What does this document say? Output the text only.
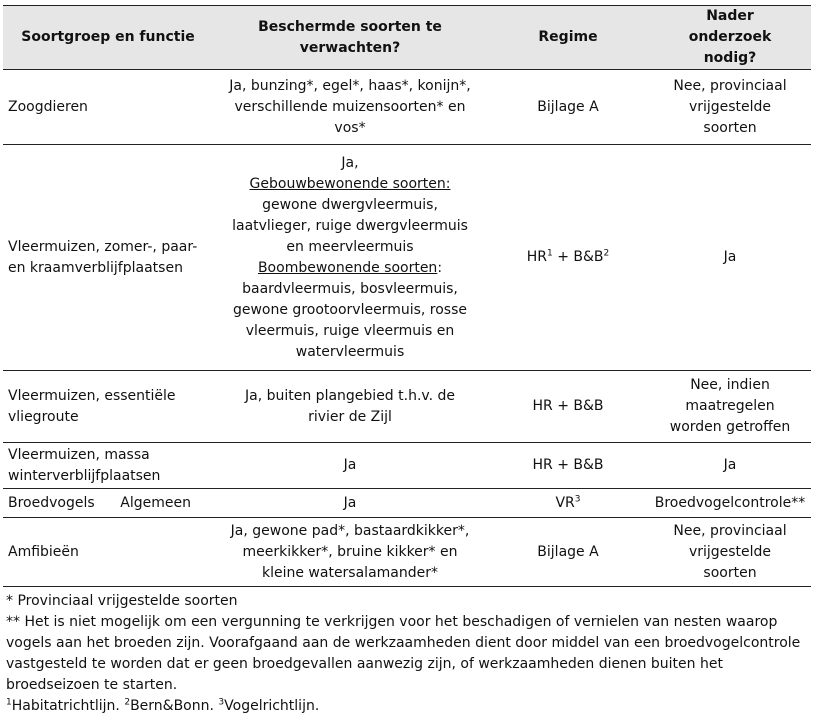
Soortgroep en functie	Beschermde soorten te verwachten?	Regime	Nader onderzoek nodig?
Zoogdieren	Ja, bunzing*, egel*, haas*, konijn*, verschillende muizensoorten* en vos*	Bijlage A	Nee, provinciaal vrijgestelde soorten
Vleermuizen, zomer-, paar- en kraamverblijfplaatsen	Ja,
Gebouwbewonende soorten:
gewone dwergvleermuis, laatvlieger, ruige dwergvleermuis en meervleermuis
Boombewonende soorten:
baardvleermuis, bosvleermuis, gewone grootoorvleermuis, rosse vleermuis, ruige vleermuis en watervleermuis	$HR^1$ + $B\&B^2$	Ja
Vleermuizen, essentiële vliegroute	Ja, buiten plangebied t.h.v. de rivier de Zijl	HR + B&B	Nee, indien maatregelen worden getroffen
Vleermuizen, massa winterverblijfplaatsen	Ja	HR + B&B	Ja

Broedvogels Algemeen	Ja	$VR^3$	Broedvogelcontrole**
Amfibieën	Ja, gewone pad*, bastaardkikker*, meerkikker*, bruine kikker* en kleine watersalamander*	Bijlage A	Nee, provinciaal vrijgestelde soorten

* Provinciaal vrijgestelde soorten

** Het is niet mogelijk om een vergunning te verkrijgen voor het beschadigen of vernielen van nesten waarop vogels aan het broeden zijn. Voorafgaand aan de werkzaamheden dient door middel van een broedvogelcontrole vastgesteld te worden dat er geen broedgevallen aanwezig zijn, of werkzaamheden dienen buiten het broedseizoen te starten.

$^1$Habitatrichtlijn. $^2$Bern&Bonn. $^3$Vogelrichtlijn.
